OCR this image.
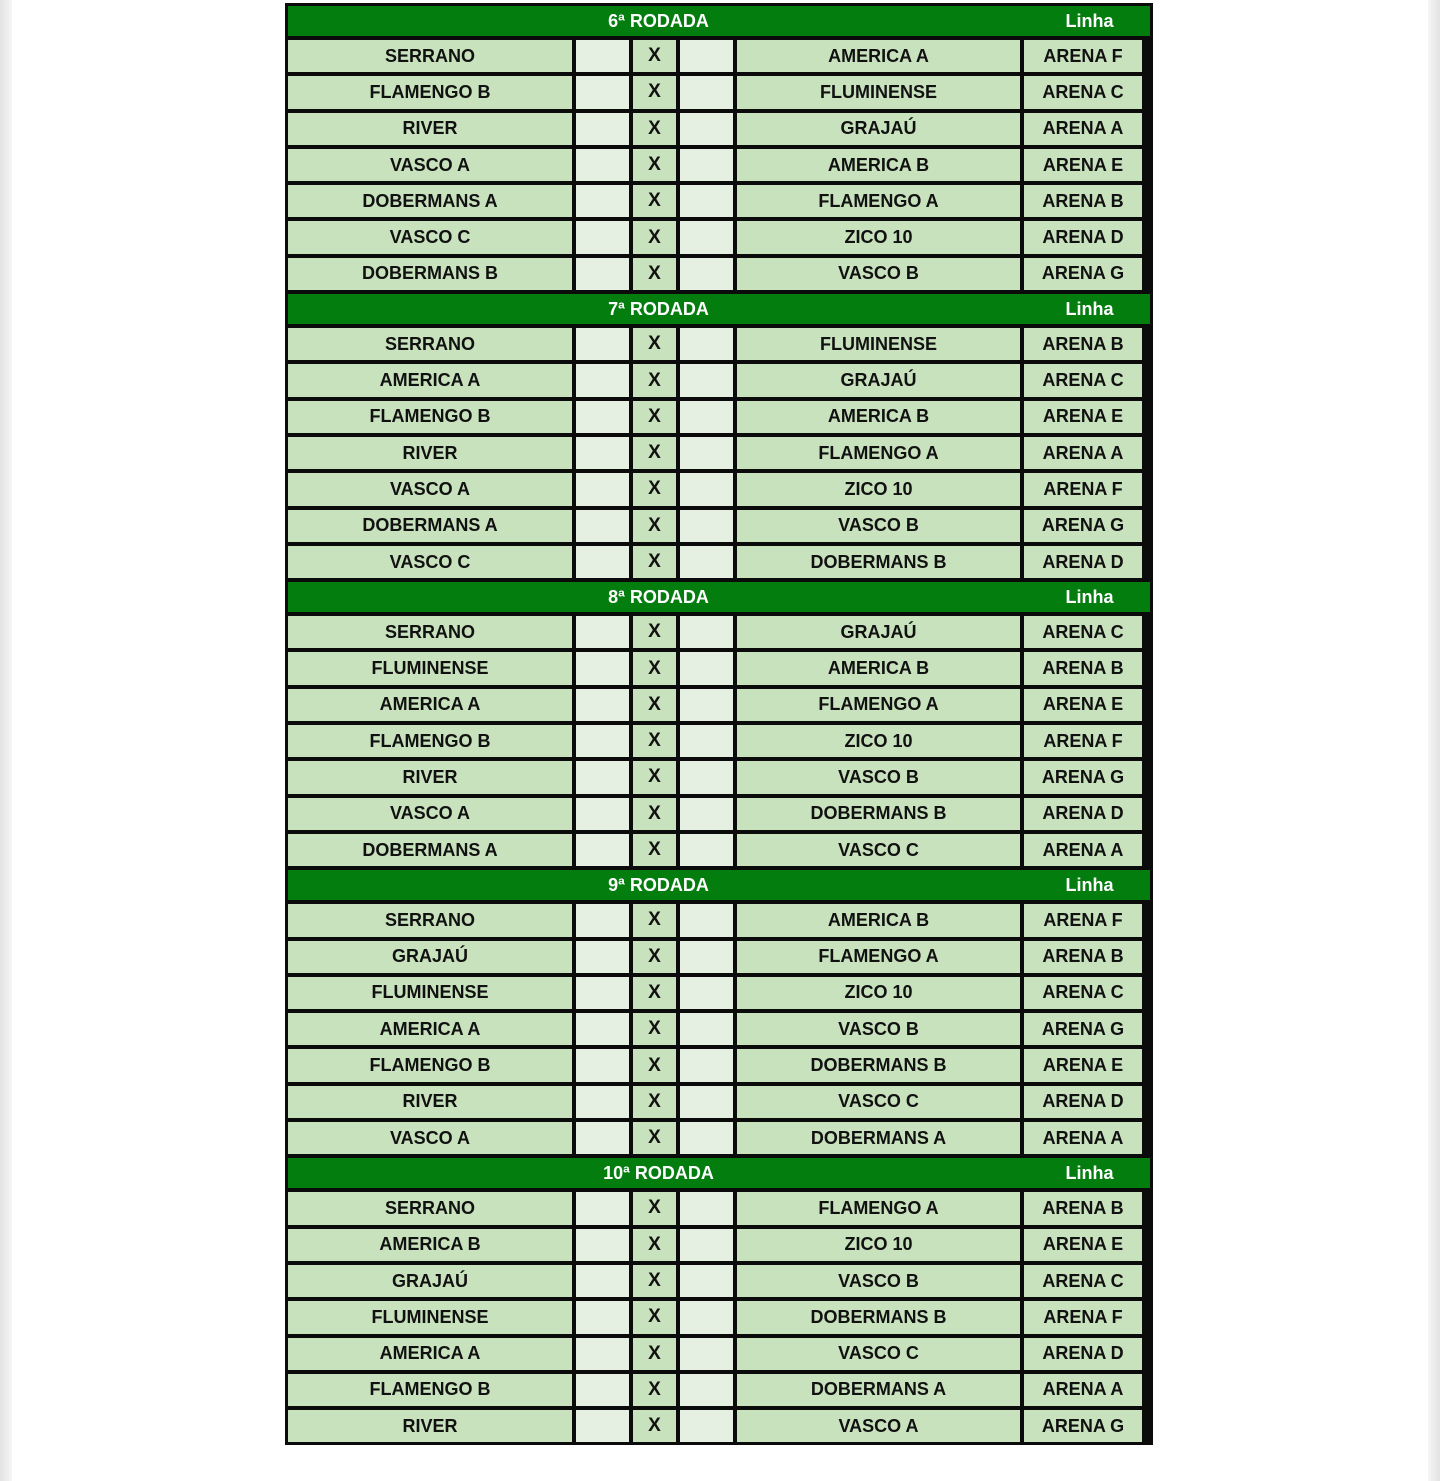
6ª RODADA	Linha
SERRANO	X	AMERICA A	ARENA F
FLAMENGO B	X	FLUMINENSE	ARENA C
RIVER	X	GRAJAÚ	ARENA A
VASCO A	X	AMERICA B	ARENA E
DOBERMANS A	X	FLAMENGO A	ARENA B
VASCO C	X	ZICO 10	ARENA D
DOBERMANS B	X	VASCO B	ARENA G
7ª RODADA	Linha
SERRANO	X	FLUMINENSE	ARENA B
AMERICA A	X	GRAJAÚ	ARENA C
FLAMENGO B	X	AMERICA B	ARENA E
RIVER	X	FLAMENGO A	ARENA A
VASCO A	X	ZICO 10	ARENA F
DOBERMANS A	X	VASCO B	ARENA G
VASCO C	X	DOBERMANS B	ARENA D
8ª RODADA	Linha
SERRANO	X	GRAJAÚ	ARENA C
FLUMINENSE	X	AMERICA B	ARENA B
AMERICA A	X	FLAMENGO A	ARENA E
FLAMENGO B	X	ZICO 10	ARENA F
RIVER	X	VASCO B	ARENA G
VASCO A	X	DOBERMANS B	ARENA D
DOBERMANS A	X	VASCO C	ARENA A
9ª RODADA	Linha
SERRANO	X	AMERICA B	ARENA F
GRAJAÚ	X	FLAMENGO A	ARENA B
FLUMINENSE	X	ZICO 10	ARENA C
AMERICA A	X	VASCO B	ARENA G
FLAMENGO B	X	DOBERMANS B	ARENA E
RIVER	X	VASCO C	ARENA D
VASCO A	X	DOBERMANS A	ARENA A
10ª RODADA	Linha
SERRANO	X	FLAMENGO A	ARENA B
AMERICA B	X	ZICO 10	ARENA E
GRAJAÚ	X	VASCO B	ARENA C
FLUMINENSE	X	DOBERMANS B	ARENA F
AMERICA A	X	VASCO C	ARENA D
FLAMENGO B	X	DOBERMANS A	ARENA A
RIVER	X	VASCO A	ARENA G
